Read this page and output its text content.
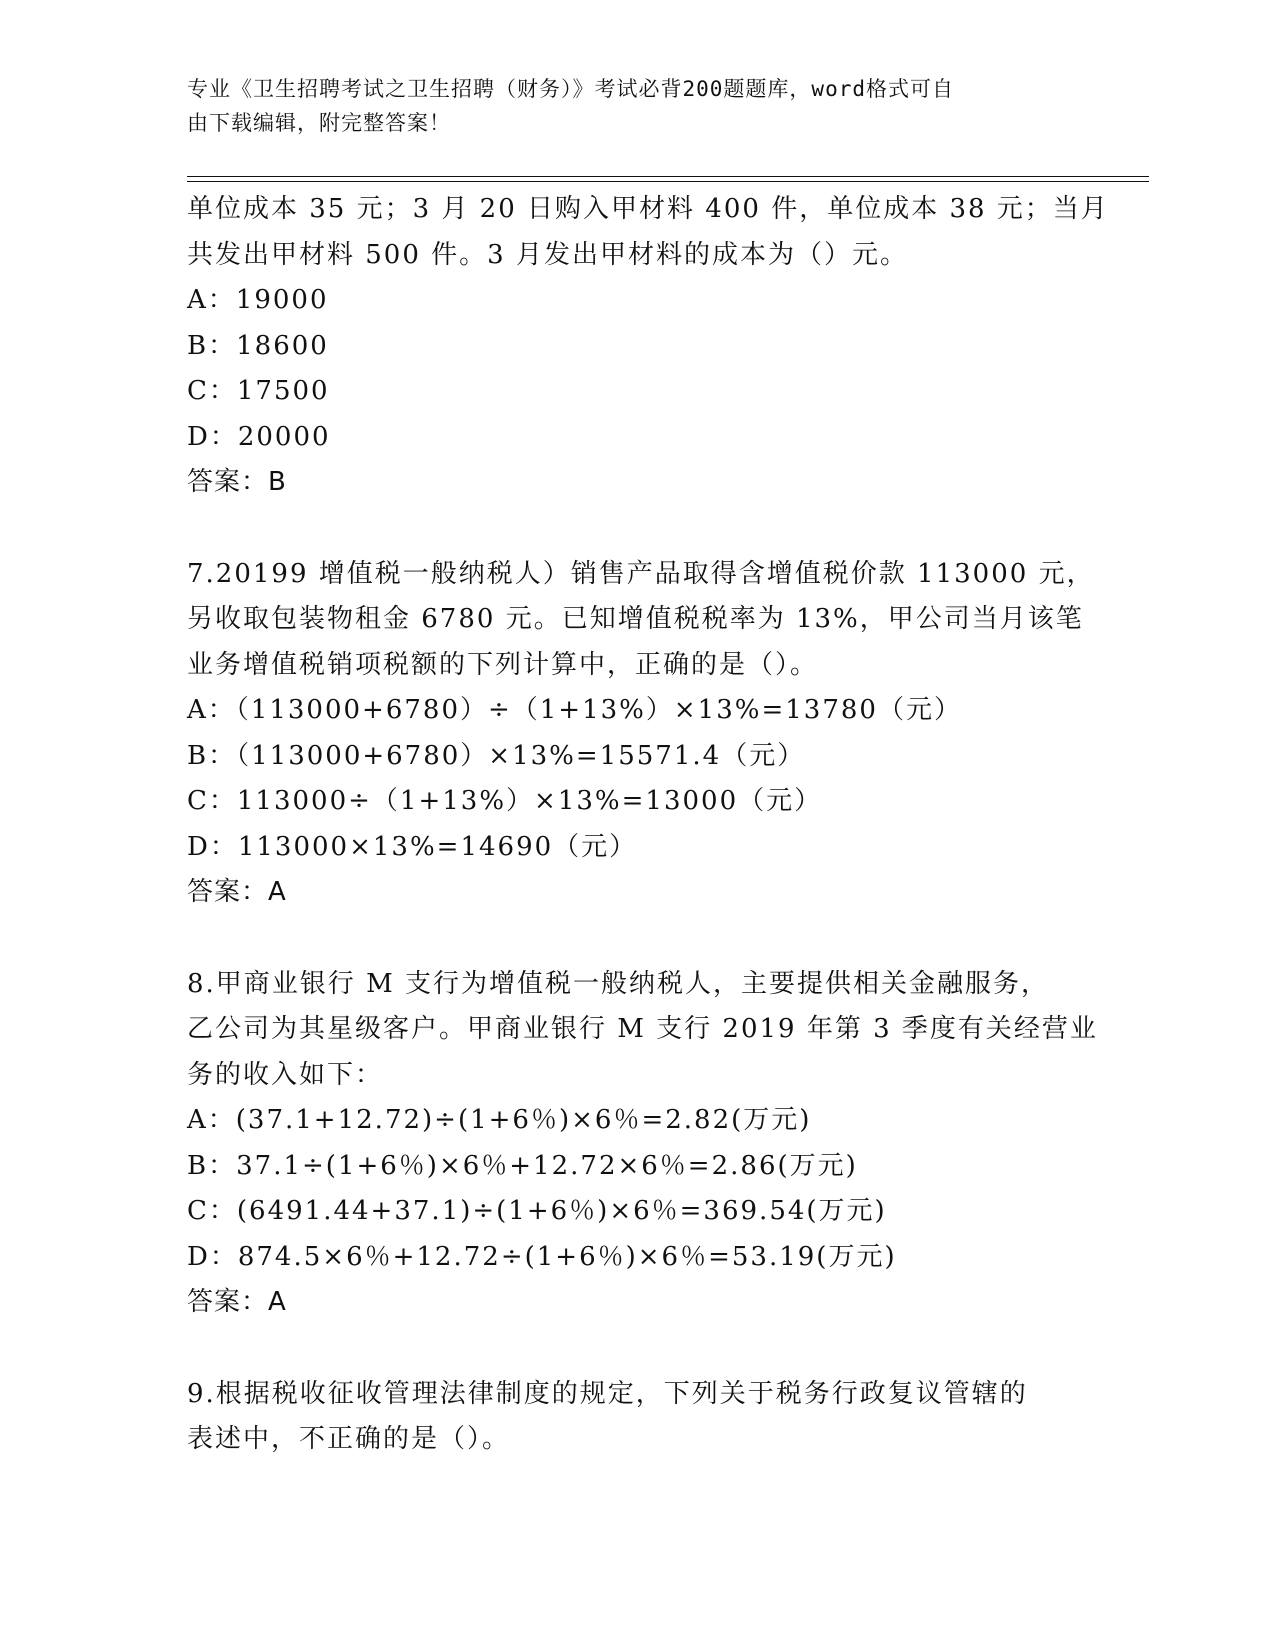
专业《卫生招聘考试之卫生招聘（财务）》考试必背200题题库，word格式可自
由下载编辑，附完整答案！
单位成本 35 元；3 月 20 日购入甲材料 400 件，单位成本 38 元；当月
共发出甲材料 500 件。3 月发出甲材料的成本为（）元。
A：19000
B：18600
C：17500
D：20000
答案：B
7.20199 增值税一般纳税人）销售产品取得含增值税价款 113000 元，
另收取包装物租金 6780 元。已知增值税税率为 13%，甲公司当月该笔
业务增值税销项税额的下列计算中，正确的是（）。
A：（113000+6780）÷（1+13%）×13%=13780（元）
B：（113000+6780）×13%=15571.4（元）
C：113000÷（1+13%）×13%=13000（元）
D：113000×13%=14690（元）
答案：A
8.甲商业银行 M 支行为增值税一般纳税人，主要提供相关金融服务，
乙公司为其星级客户。甲商业银行 M 支行 2019 年第 3 季度有关经营业
务的收入如下：
A：(37.1+12.72)÷(1+6％)×6％=2.82(万元)
B：37.1÷(1+6％)×6％+12.72×6％=2.86(万元)
C：(6491.44+37.1)÷(1+6％)×6％=369.54(万元)
D：874.5×6％+12.72÷(1+6％)×6％=53.19(万元)
答案：A
9.根据税收征收管理法律制度的规定，下列关于税务行政复议管辖的
表述中，不正确的是（）。
